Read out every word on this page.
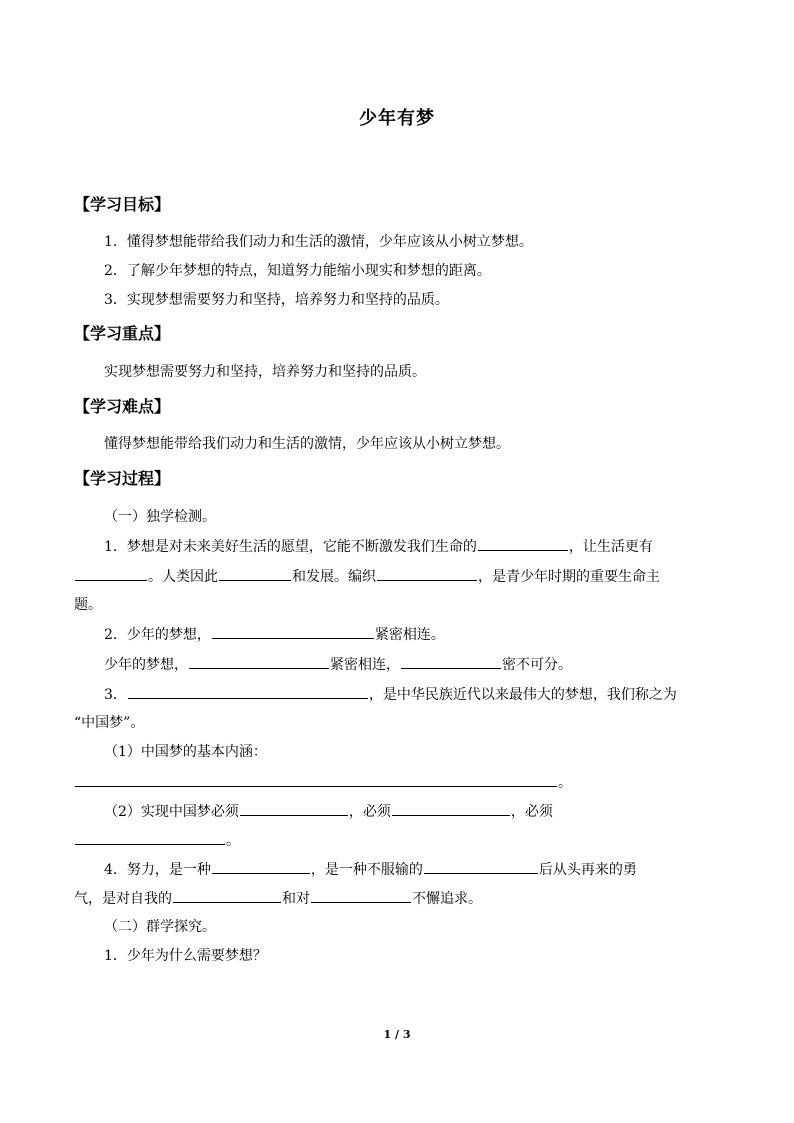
少年有梦
【学习目标】
1．懂得梦想能带给我们动力和生活的激情，少年应该从小树立梦想。
2．了解少年梦想的特点，知道努力能缩小现实和梦想的距离。
3．实现梦想需要努力和坚持，培养努力和坚持的品质。
【学习重点】
实现梦想需要努力和坚持，培养努力和坚持的品质。
【学习难点】
懂得梦想能带给我们动力和生活的激情，少年应该从小树立梦想。
【学习过程】
（一）独学检测。
1．梦想是对未来美好生活的愿望，它能不断激发我们生命的	，让生活更有
。人类因此	和发展。编织	，是青少年时期的重要生命主
题。
2．少年的梦想，	紧密相连。
少年的梦想，	紧密相连，	密不可分。
3．	，是中华民族近代以来最伟大的梦想，我们称之为
“中国梦”。
（1）中国梦的基本内涵：
。
（2）实现中国梦必须	，必须	，必须
。
4．努力，是一种	，是一种不服输的	后从头再来的勇
气，是对自我的	和对	不懈追求。
（二）群学探究。
1．少年为什么需要梦想？
1 / 3
